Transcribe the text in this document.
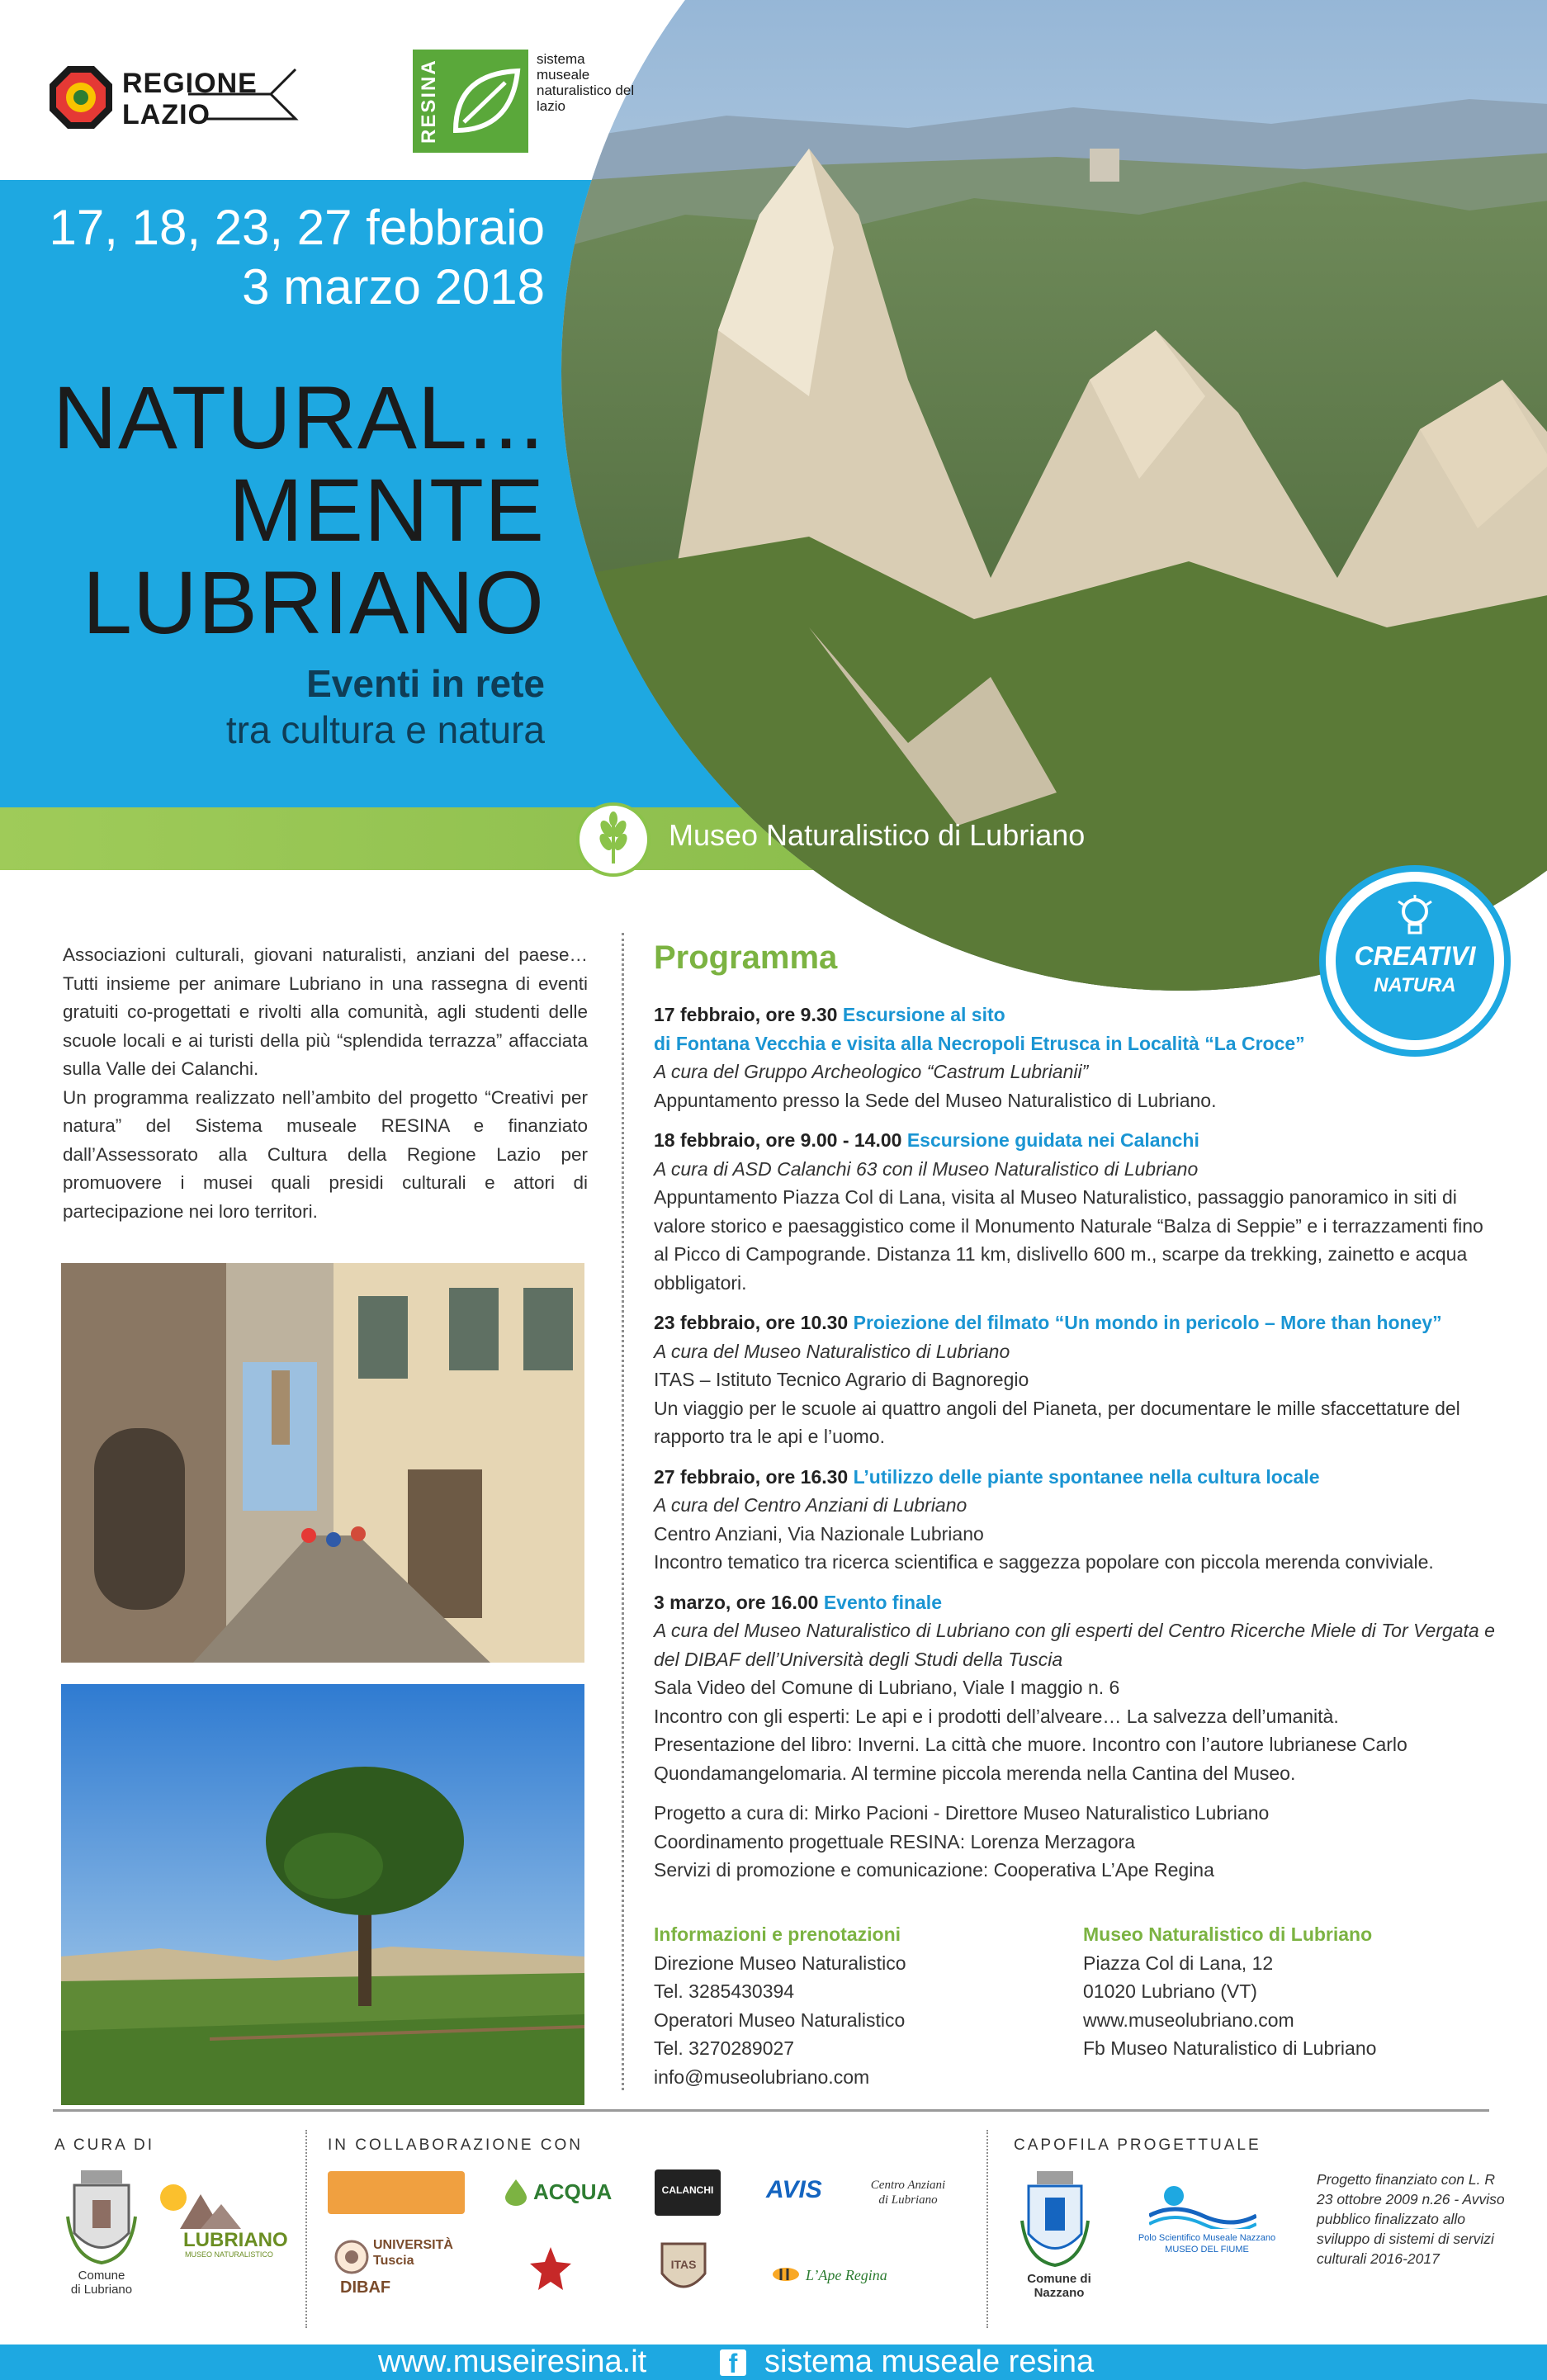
REGIONE
LAZIO	RESINA	sistema museale naturalistico del lazio
17, 18, 23, 27 febbraio
3 marzo 2018
NATURAL...
MENTE
LUBRIANO
Eventi in rete
tra cultura e natura
Museo Naturalistico di Lubriano
CREATIVI
NATURA

Associazioni culturali, giovani naturalisti, anziani del paese… Tutti insieme per animare Lubriano in una rassegna di eventi gratuiti co-progettati e rivolti alla comunità, agli studenti delle scuole locali e ai turisti della più “splendida terrazza” affacciata sulla Valle dei Calanchi.

Un programma realizzato nell’ambito del progetto “Creativi per natura” del Sistema museale RESINA e finanziato dall’Assessorato alla Cultura della Regione Lazio per promuovere i musei quali presidi culturali e attori di partecipazione nei loro territori.

Programma
17 febbraio, ore 9.30 Escursione al sito
di Fontana Vecchia e visita alla Necropoli Etrusca in Località “La Croce”
A cura del Gruppo Archeologico “Castrum Lubrianii”
Appuntamento presso la Sede del Museo Naturalistico di Lubriano.
18 febbraio, ore 9.00 - 14.00 Escursione guidata nei Calanchi
A cura di ASD Calanchi 63 con il Museo Naturalistico di Lubriano
Appuntamento Piazza Col di Lana, visita al Museo Naturalistico, passaggio panoramico in siti di valore storico e paesaggistico come il Monumento Naturale “Balza di Seppie” e i terrazzamenti fino al Picco di Campogrande. Distanza 11 km, dislivello 600 m., scarpe da trekking, zainetto e acqua obbligatori.
23 febbraio, ore 10.30 Proiezione del filmato “Un mondo in pericolo – More than honey”
A cura del Museo Naturalistico di Lubriano
ITAS – Istituto Tecnico Agrario di Bagnoregio
Un viaggio per le scuole ai quattro angoli del Pianeta, per documentare le mille sfaccettature del rapporto tra le api e l’uomo.
27 febbraio, ore 16.30 L’utilizzo delle piante spontanee nella cultura locale
A cura del Centro Anziani di Lubriano
Centro Anziani, Via Nazionale Lubriano
Incontro tematico tra ricerca scientifica e saggezza popolare con piccola merenda conviviale.
3 marzo, ore 16.00 Evento finale
A cura del Museo Naturalistico di Lubriano con gli esperti del Centro Ricerche Miele di Tor Vergata e del DIBAF dell’Università degli Studi della Tuscia
Sala Video del Comune di Lubriano, Viale I maggio n. 6
Incontro con gli esperti: Le api e i prodotti dell’alveare… La salvezza dell’umanità.
Presentazione del libro: Inverni. La città che muore. Incontro con l’autore lubrianese Carlo Quondamangelomaria. Al termine piccola merenda nella Cantina del Museo.
Progetto a cura di: Mirko Pacioni - Direttore Museo Naturalistico Lubriano
Coordinamento progettuale RESINA: Lorenza Merzagora
Servizi di promozione e comunicazione: Cooperativa L’Ape Regina
Informazioni e prenotazioni
Direzione Museo Naturalistico
Tel. 3285430394
Operatori Museo Naturalistico
Tel. 3270289027
info@museolubriano.com
Museo Naturalistico di Lubriano
Piazza Col di Lana, 12
01020 Lubriano (VT)
www.museolubriano.com
Fb Museo Naturalistico di Lubriano
A CURA DI	IN COLLABORAZIONE CON	CAPOFILA PROGETTUALE
Comune
di Lubriano
LUBRIANO
MUSEO NATURALISTICO
ACQUA	CALANCHI AVIS	Centro Anziani
di Lubriano
UNIVERSITÀ
Tuscia
DIBAF
ITAS
L’Ape Regina	Comune di Nazzano
Polo Scientifico Museale Nazzano
MUSEO DEL FIUME
Progetto finanziato con L. R 23 ottobre 2009 n.26 - Avviso pubblico finalizzato allo sviluppo di sistemi di servizi culturali 2016-2017
www.museiresina.it	f sistema museale resina
